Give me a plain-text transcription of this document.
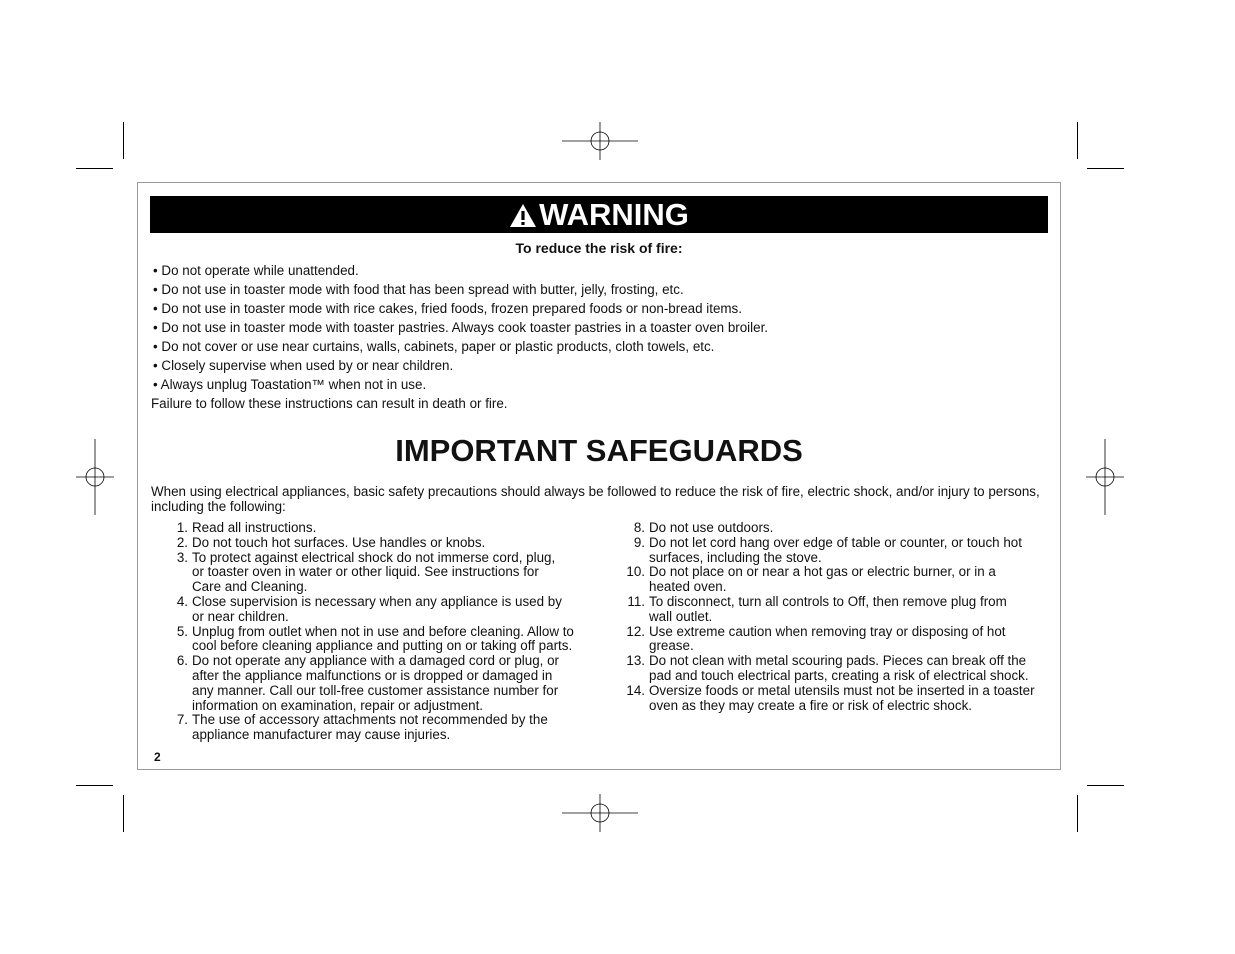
WARNING
To reduce the risk of fire:
• Do not operate while unattended.
• Do not use in toaster mode with food that has been spread with butter, jelly, frosting, etc.
• Do not use in toaster mode with rice cakes, fried foods, frozen prepared foods or non-bread items.
• Do not use in toaster mode with toaster pastries. Always cook toaster pastries in a toaster oven broiler.
• Do not cover or use near curtains, walls, cabinets, paper or plastic products, cloth towels, etc.
• Closely supervise when used by or near children.
• Always unplug Toastation™ when not in use.
Failure to follow these instructions can result in death or fire.
IMPORTANT SAFEGUARDS
When using electrical appliances, basic safety precautions should always be followed to reduce the risk of fire, electric shock, and/or injury to persons, including the following:
1. Read all instructions.
2. Do not touch hot surfaces. Use handles or knobs.
3. To protect against electrical shock do not immerse cord, plug, or toaster oven in water or other liquid. See instructions for Care and Cleaning.
4. Close supervision is necessary when any appliance is used by or near children.
5. Unplug from outlet when not in use and before cleaning. Allow to cool before cleaning appliance and putting on or taking off parts.
6. Do not operate any appliance with a damaged cord or plug, or after the appliance malfunctions or is dropped or damaged in any manner. Call our toll-free customer assistance number for information on examination, repair or adjustment.
7. The use of accessory attachments not recommended by the appliance manufacturer may cause injuries.
8. Do not use outdoors.
9. Do not let cord hang over edge of table or counter, or touch hot surfaces, including the stove.
10. Do not place on or near a hot gas or electric burner, or in a heated oven.
11. To disconnect, turn all controls to Off, then remove plug from wall outlet.
12. Use extreme caution when removing tray or disposing of hot grease.
13. Do not clean with metal scouring pads. Pieces can break off the pad and touch electrical parts, creating a risk of electrical shock.
14. Oversize foods or metal utensils must not be inserted in a toaster oven as they may create a fire or risk of electric shock.
2
